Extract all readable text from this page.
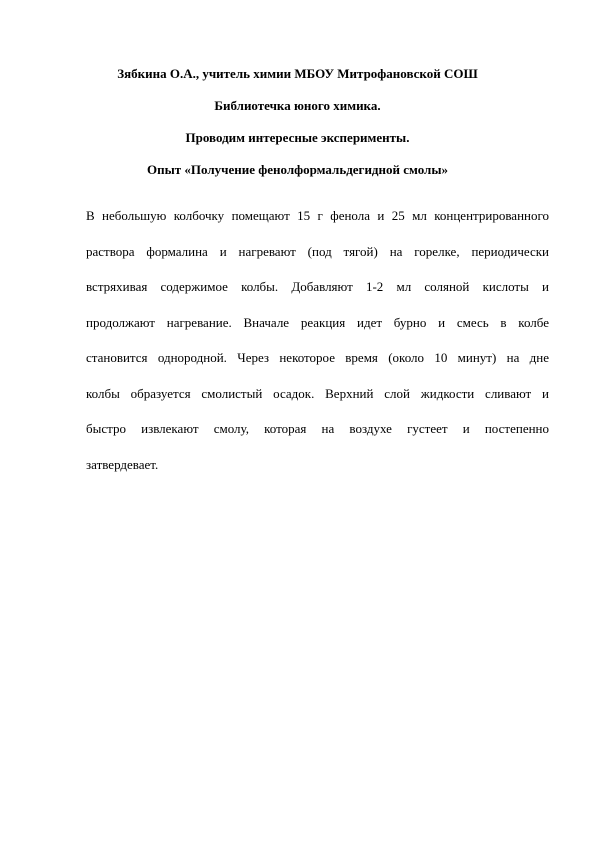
Зябкина О.А., учитель химии МБОУ Митрофановской СОШ
Библиотечка юного химика.
Проводим интересные эксперименты.
Опыт «Получение фенолформальдегидной смолы»
В небольшую колбочку помещают 15 г фенола и 25 мл концентрированного
раствора формалина и нагревают (под тягой) на горелке, периодически
встряхивая содержимое колбы. Добавляют 1-2 мл соляной кислоты и
продолжают нагревание. Вначале реакция идет бурно и смесь в колбе
становится однородной. Через некоторое время (около 10 минут) на дне
колбы образуется смолистый осадок. Верхний слой жидкости сливают и
быстро извлекают смолу, которая на воздухе густеет и постепенно
затвердевает.
